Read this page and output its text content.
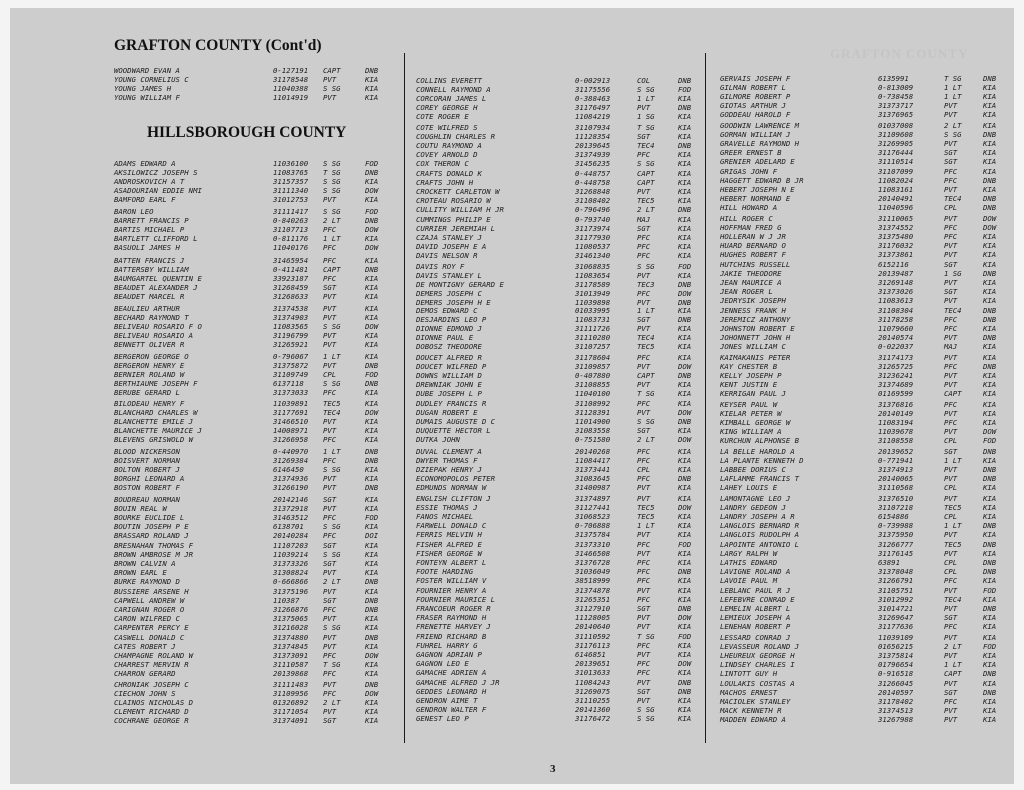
GRAFTON COUNTY
GRAFTON COUNTY (Cont'd)
HILLSBOROUGH COUNTY
WOODWARD EVAN A	0-127191 CAPT	DNB
YOUNG CORNELIUS C	31178548 PVT	KIA
YOUNG JAMES H	11040388 S SG	KIA
YOUNG WILLIAM F	11014919 PVT	KIA
ADAMS EDWARD A	11036100 S SG	FOD
AKSILOWICZ JOSEPH S	11083765 T SG	DNB
ANDROSKOVICH A T	31157357 S SG	KIA
ASADOURIAN EDDIE NMI	31111340 S SG	DOW
BAMFORD EARL F	31012753 PVT	KIA
BARON LEO	31111417 S SG	FOD
BARRETT FRANCIS P	0-840263 2 LT	DNB
BARTIS MICHAEL P	31107713 PFC	DOW
BARTLETT CLIFFORD L	0-811176 1 LT	KIA
BASUOLI JAMES H	11040176 PFC	DOW
BATTEN FRANCIS J	31465954 PFC	KIA
BATTERSBY WILLIAM	0-411481 CAPT	DNB
BAUMGARTEL QUENTIN E	33923187 PFC	KIA
BEAUDET ALEXANDER J	31268459 SGT	KIA
BEAUDET MARCEL R	31268633 PVT	KIA
BEAULIEU ARTHUR	31374538 PVT	KIA
BECHARD RAYMOND T	31374903 PVT	KIA
BELIVEAU ROSARIO F O	11083565 S SG	DOW
BELIVEAU ROSARIO A	31196799 PVT	KIA
BENNETT OLIVER R	31265921 PVT	KIA
BERGERON GEORGE O	0-796067 1 LT	KIA
BERGERON HENRY E	31375872 PVT	DNB
BERNIER ROLAND W	31109749 CPL	FOD
BERTHIAUME JOSEPH F	6137118	S SG	DNB
BERUBE GERARD L	31373033 PFC	KIA
BILODEAU HENRY F	11039891 TEC5	KIA
BLANCHARD CHARLES W	31177691 TEC4	DOW
BLANCHETTE EMILE J	31466510 PVT	KIA
BLANCHETTE MAURICE J	14008971 PVT	KIA
BLEVENS GRISWOLD W	31266958 PFC	KIA
BLOOD NICKERSON	0-440970 1 LT	DNB
BOISVERT NORMAN	31269384 PFC	DNB
BOLTON ROBERT J	6146450	S SG	KIA
BORGHI LEONARD A	31374936 PVT	KIA
BOSTON ROBERT F	31266190 PVT	DNB
BOUDREAU NORMAN	20142146 SGT	KIA
BOUIN REAL W	31372918 PVT	KIA
BOURKE EUCLIDE L	31463512 PFC	FOD
BOUTIN JOSEPH P E	6138701	S SG	KIA
BRASSARD ROLAND J	20140284 PFC	DOI
BRESNAHAN THOMAS F	11107203 SGT	KIA
BROWN AMBROSE M JR	11039214 S SG	KIA
BROWN CALVIN A	31373326 SGT	KIA
BROWN EARL E	31308824 PVT	KIA
BURKE RAYMOND D	0-666866 2 LT	DNB
BUSSIERE ARSENE H	31375196 PVT	KIA
CAPWELL ANDREW W	110387	SGT	DNB
CARIGNAN ROGER O	31266876 PFC	DNB
CARON WILFRED C	31375065 PVT	KIA
CARPENTER PERCY E	31216028 S SG	KIA
CASWELL DONALD C	31374880 PVT	DNB
CATES ROBERT J	31374845 PVT	KIA
CHAMPAGNE ROLAND W	31373091 PFC	DOW
CHARREST MERVIN R	31110587 T SG	KIA
CHARRON GERARD	20139868 PFC	KIA
CHRONIAK JOSEPH C	31111483 PVT	DNB
CIECHON JOHN S	31109956 PFC	DOW
CLAINOS NICHOLAS D	01326892 2 LT	KIA
CLEMENT RICHARD D	31171054 PVT	KIA
COCHRANE GEORGE R	31374091 SGT	KIA
COLLINS EVERETT	0-002913	COL	DNB
CONNELL RAYMOND A	31175556	S SG	FOD
CORCORAN JAMES L	0-388463	1 LT	KIA
COREY GEORGE H	31176497	PVT	DNB
COTE ROGER E	11084219	1 SG	KIA
COTE WILFRED S	31107934	T SG	KIA
COUGHLIN CHARLES R	11128354	SGT	KIA
COUTU RAYMOND A	20139645	TEC4	DNB
COVEY ARNOLD D	31374939	PFC	KIA
COX THERON C	31456235	S SG	KIA
CRAFTS DONALD K	0-448757	CAPT	KIA
CRAFTS JOHN H	0-448758	CAPT	KIA
CROCKETT CARLETON W	31268848	PVT	KIA
CROTEAU ROSARIO W	31108402	TEC5	KIA
CULLITY WILLIAM H JR	0-796496	2 LT	DNB
CUMMINGS PHILIP E	0-793740	MAJ	KIA
CURRIER JEREMIAH L	31173974	SGT	KIA
CZAJA STANLEY J	31177930	PFC	KIA
DAVID JOSEPH E A	11080537	PFC	KIA
DAVIS NELSON R	31461340	PFC	KIA
DAVIS ROY F	31068835	S SG	FOD
DAVIS STANLEY L	11083654	PVT	KIA
DE MONTIGNY GERARD E	31178589	TEC3	DNB
DEMERS JOSEPH C	31013949	PFC	DOW
DEMERS JOSEPH H E	11039898	PVT	DNB
DEMOS EDWARD C	01033995	1 LT	KIA
DESJARDINS LEO P	11083731	SGT	DNB
DIONNE EDMOND J	31111726	PVT	KIA
DIONNE PAUL E	31110280	TEC4	KIA
DOBOSZ THEODORE	31107257	TEC5	KIA
DOUCET ALFRED R	31178604	PFC	KIA
DOUCET WILFRED P	31109857	PVT	DOW
DOWNS WILLIAM D	0-407880	CAPT	DNB
DREWNIAK JOHN E	31108855	PVT	KIA
DUBE JOSEPH L P	11040100	T SG	KIA
DUDLEY FRANCIS R	31108992	PFC	KIA
DUGAN ROBERT E	31128391	PVT	DOW
DUMAIS AUGUSTE D C	11014900	S SG	DNB
DUQUETTE HECTOR L	31083558	SGT	KIA
DUTKA JOHN	0-751580	2 LT	DOW
DUVAL CLEMENT A	20140268	PFC	KIA
DWYER THOMAS F	11084417	PFC	KIA
DZIEPAK HENRY J	31373441	CPL	KIA
ECONOMOPOLOS PETER	31083645	PFC	DNB
EDMUNDS NORMAN W	31400987	PVT	KIA
ENGLISH CLIFTON J	31374897	PVT	KIA
ESSIE THOMAS J	31127441	TEC5	DOW
FANOS MICHAEL	31068523	TEC5	KIA
FARWELL DONALD C	0-706888	1 LT	KIA
FERRIS MELVIN H	31375784	PVT	KIA
FISHER ALFRED E	31373310	PFC	FOD
FISHER GEORGE W	31466508	PVT	KIA
FONTEYN ALBERT L	31376728	PFC	KIA
FOOTE HARDING	31036049	PFC	DNB
FOSTER WILLIAM V	38518999	PFC	KIA
FOURNIER HENRY A	31374878	PVT	KIA
FOURNIER MAURICE L	31265351	PFC	KIA
FRANCOEUR ROGER R	31127910	SGT	DNB
FRASER RAYMOND H	11128005	PVT	DOW
FRENETTE HARVEY J	20140640	PVT	KIA
FRIEND RICHARD B	31110592	T SG	FOD
FUHREL HARRY G	31176113	PFC	KIA
GAGNON ADRIAN P	6146851	PVT	KIA
GAGNON LEO E	20139651	PFC	DOW
GAMACHE ADRIEN A	31013633	PFC	KIA
GAMACHE ALFRED J JR	11084243	PVT	DNB
GEDDES LEONARD H	31269075	SGT	DNB
GENDRON AIME T	31110255	PVT	KIA
GENDRON WALTER F	20141360	S SG	KIA
GENEST LEO P	31176472	S SG	KIA
GERVAIS JOSEPH F	6135991	T SG	DNB
GILMAN ROBERT L	0-813009	1 LT	KIA
GILMORE ROBERT P	0-738458	1 LT	KIA
GIOTAS ARTHUR J	31373717	PVT	KIA
GODDEAU HAROLD F	31376965	PVT	KIA
GOODWIN LAWRENCE M	01037008	2 LT	KIA
GORMAN WILLIAM J	31109608	S SG	DNB
GRAVELLE RAYMOND H	31269905	PVT	KIA
GREER ERNEST B	31176444	SGT	KIA
GRENIER ADELARD E	31110514	SGT	KIA
GRIGAS JOHN F	31107099	PFC	KIA
HAGGETT EDWARD B JR	11082024	PFC	DNB
HEBERT JOSEPH N E	11083161	PVT	KIA
HEBERT NORMAND E	20140491	TEC4	DNB
HILL HOWARD A	11040596	CPL	DNB
HILL ROGER C	31110065	PVT	DOW
HOFFMAN FRED G	31374552	PFC	DOW
HOLLERAN W J JR	31375480	PFC	KIA
HUARD BERNARD O	31176032	PVT	KIA
HUGHES ROBERT F	31373861	PVT	KIA
HUTCHINS RUSSELL	6152116	SGT	KIA
JAKIE THEODORE	20139487	1 SG	DNB
JEAN MAURICE A	31269148	PVT	KIA
JEAN ROGER L	31373026	SGT	KIA
JEDRYSIK JOSEPH	11083613	PVT	KIA
JENNESS FRANK H	31108304	TEC4	DNB
JEREMICZ ANTHONY	31178258	PFC	DNB
JOHNSTON ROBERT E	11079660	PFC	KIA
JOHONNETT JOHN H	20140574	PVT	DNB
JONES WILLIAM C	0-022037	MAJ	KIA
KAIMAKANIS PETER	31174173	PVT	KIA
KAY CHESTER B	31265725	PFC	DNB
KELLY JOSEPH P	31236241	PVT	KIA
KENT JUSTIN E	31374689	PVT	KIA
KERRIGAN PAUL J	01169599	CAPT	KIA
KEYSER PAUL W	31376816	PFC	KIA
KIELAR PETER W	20140149	PVT	KIA
KIMBALL GEORGE W	11083194	PFC	KIA
KING WILLIAM A	11039678	PVT	DOW
KURCHUN ALPHONSE B	31108558	CPL	FOD
LA BELLE HAROLD A	20139652	SGT	DNB
LA PLANTE KENNETH D	0-771941	1 LT	KIA
LABBEE DORIUS C	31374913	PVT	DNB
LAFLAMME FRANCIS T	20140065	PVT	DNB
LAHEY LOUIS E	31110568	CPL	KIA
LAMONTAGNE LEO J	31376510	PVT	KIA
LANDRY GEDEON J	31107218	TEC5	KIA
LANDRY JOSEPH A R	6154886	CPL	KIA
LANGLOIS BERNARD R	0-739988	1 LT	DNB
LANGLOIS RUDOLPH A	31375950	PVT	KIA
LAPOINTE ANTONIO L	31266777	TEC5	DNB
LARGY RALPH W	31176145	PVT	KIA
LATHIS EDWARD	63891	CPL	DNB
LAVIGNE ROLAND A	31378048	CPL	DNB
LAVOIE PAUL M	31266791	PFC	KIA
LEBLANC PAUL R J	31105751	PVT	FOD
LEFEBVRE CONRAD E	31012992	TEC4	KIA
LEMELIN ALBERT L	31014721	PVT	DNB
LEMIEUX JOSEPH A	31269647	SGT	KIA
LENEHAN ROBERT P	31177636	PFC	KIA
LESSARD CONRAD J	11039109	PVT	KIA
LEVASSEUR ROLAND J	01656215	2 LT	FOD
LHEUREUX GEORGE H	31375814	PVT	KIA
LINDSEY CHARLES I	01796654	1 LT	KIA
LINTOTT GUY H	0-916518	CAPT	DNB
LOULAKIS COSTAS A	31266045	PVT	KIA
MACHOS ERNEST	20140597	SGT	DNB
MACIOLEK STANLEY	31178402	PFC	KIA
MACK KENNETH R	31374513	PVT	KIA
MADDEN EDWARD A	31267988	PVT	KIA
3
